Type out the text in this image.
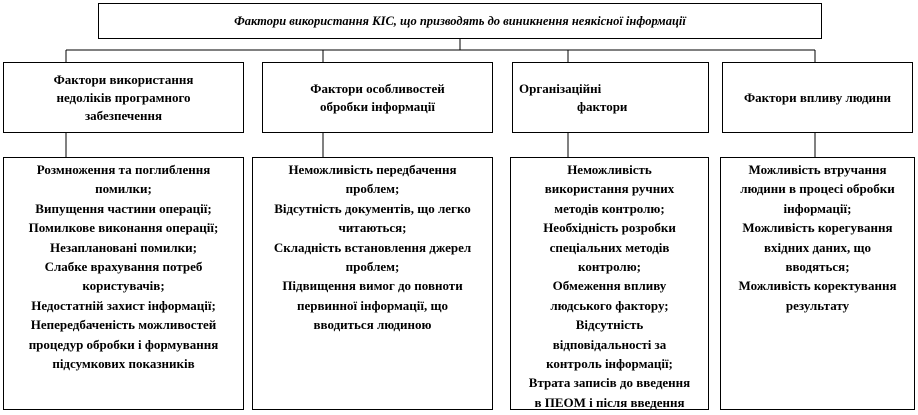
Фактори використання КІС, що призводять до виникнення неякісної інформації
Фактори використання
недоліків програмного
забезпечення
Розмноження та поглиблення
помилки;
Випущення частини операції;
Помилкове виконання операції;
Незаплановані помилки;
Слабке врахування потреб
користувачів;
Недостатній захист інформації;
Непередбаченість можливостей
процедур обробки і формування
підсумкових показників
Фактори особливостей
обробки інформації
Неможливість передбачення
проблем;
Відсутність документів, що легко
читаються;
Складність встановлення джерел
проблем;
Підвищення вимог до повноти
первинної інформації, що
вводиться людиною
Організаційні
фактори
Неможливість
використання ручних
методів контролю;
Необхідність розробки
спеціальних методів
контролю;
Обмеження впливу
людського фактору;
Відсутність
відповідальності за
контроль інформації;
Втрата записів до введення
в ПЕОМ і після введення
Фактори впливу людини
Можливість втручання
людини в процесі обробки
інформації;
Можливість корегування
вхідних даних, що
вводяться;
Можливість коректування
результату
